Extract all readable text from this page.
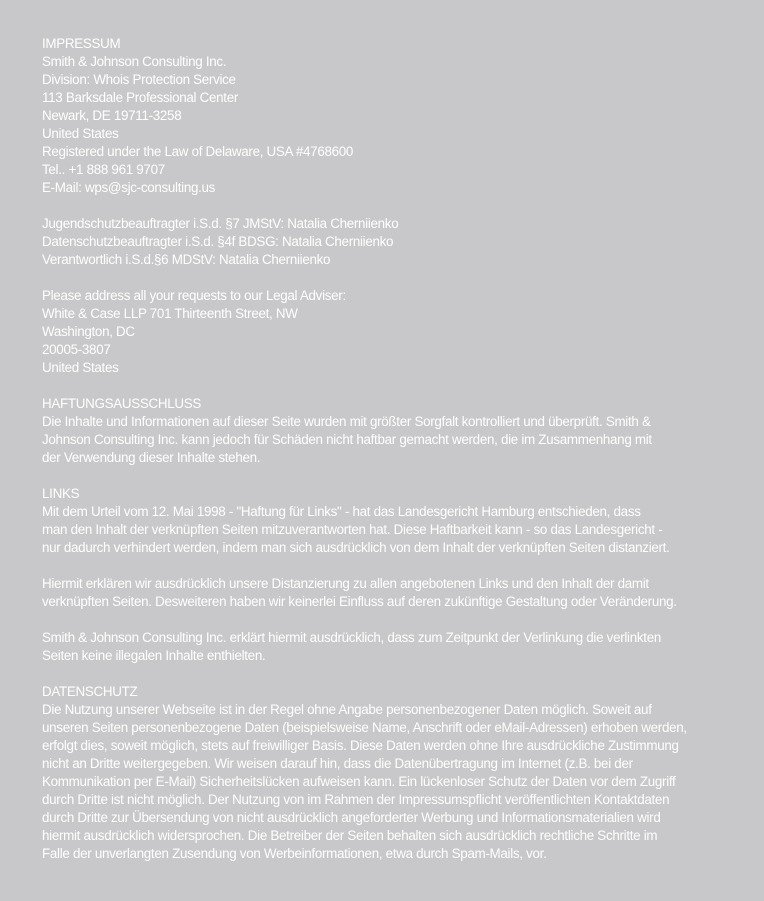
IMPRESSUM
Smith & Johnson Consulting Inc.
Division: Whois Protection Service
113 Barksdale Professional Center
Newark, DE 19711-3258
United States
Registered under the Law of Delaware, USA #4768600
Tel.. +1 888 961 9707
E-Mail: wps@sjc-consulting.us
Jugendschutzbeauftragter i.S.d. §7 JMStV: Natalia Cherniienko
Datenschutzbeauftragter i.S.d. §4f BDSG: Natalia Cherniienko
Verantwortlich i.S.d.§6 MDStV: Natalia Cherniienko
Please address all your requests to our Legal Adviser:
White & Case LLP 701 Thirteenth Street, NW
Washington, DC
20005-3807
United States
HAFTUNGSAUSSCHLUSS
Die Inhalte und Informationen auf dieser Seite wurden mit größter Sorgfalt kontrolliert und überprüft. Smith &
Johnson Consulting Inc. kann jedoch für Schäden nicht haftbar gemacht werden, die im Zusammenhang mit
der Verwendung dieser Inhalte stehen.
LINKS
Mit dem Urteil vom 12. Mai 1998 - "Haftung für Links" - hat das Landesgericht Hamburg entschieden, dass
man den Inhalt der verknüpften Seiten mitzuverantworten hat. Diese Haftbarkeit kann - so das Landesgericht -
nur dadurch verhindert werden, indem man sich ausdrücklich von dem Inhalt der verknüpften Seiten distanziert.
Hiermit erklären wir ausdrücklich unsere Distanzierung zu allen angebotenen Links und den Inhalt der damit
verknüpften Seiten. Desweiteren haben wir keinerlei Einfluss auf deren zukünftige Gestaltung oder Veränderung.
Smith & Johnson Consulting Inc. erklärt hiermit ausdrücklich, dass zum Zeitpunkt der Verlinkung die verlinkten
Seiten keine illegalen Inhalte enthielten.
DATENSCHUTZ
Die Nutzung unserer Webseite ist in der Regel ohne Angabe personenbezogener Daten möglich. Soweit auf
unseren Seiten personenbezogene Daten (beispielsweise Name, Anschrift oder eMail-Adressen) erhoben werden,
erfolgt dies, soweit möglich, stets auf freiwilliger Basis. Diese Daten werden ohne Ihre ausdrückliche Zustimmung
nicht an Dritte weitergegeben. Wir weisen darauf hin, dass die Datenübertragung im Internet (z.B. bei der
Kommunikation per E-Mail) Sicherheitslücken aufweisen kann. Ein lückenloser Schutz der Daten vor dem Zugriff
durch Dritte ist nicht möglich. Der Nutzung von im Rahmen der Impressumspflicht veröffentlichten Kontaktdaten
durch Dritte zur Übersendung von nicht ausdrücklich angeforderter Werbung und Informationsmaterialien wird
hiermit ausdrücklich widersprochen. Die Betreiber der Seiten behalten sich ausdrücklich rechtliche Schritte im
Falle der unverlangten Zusendung von Werbeinformationen, etwa durch Spam-Mails, vor.
